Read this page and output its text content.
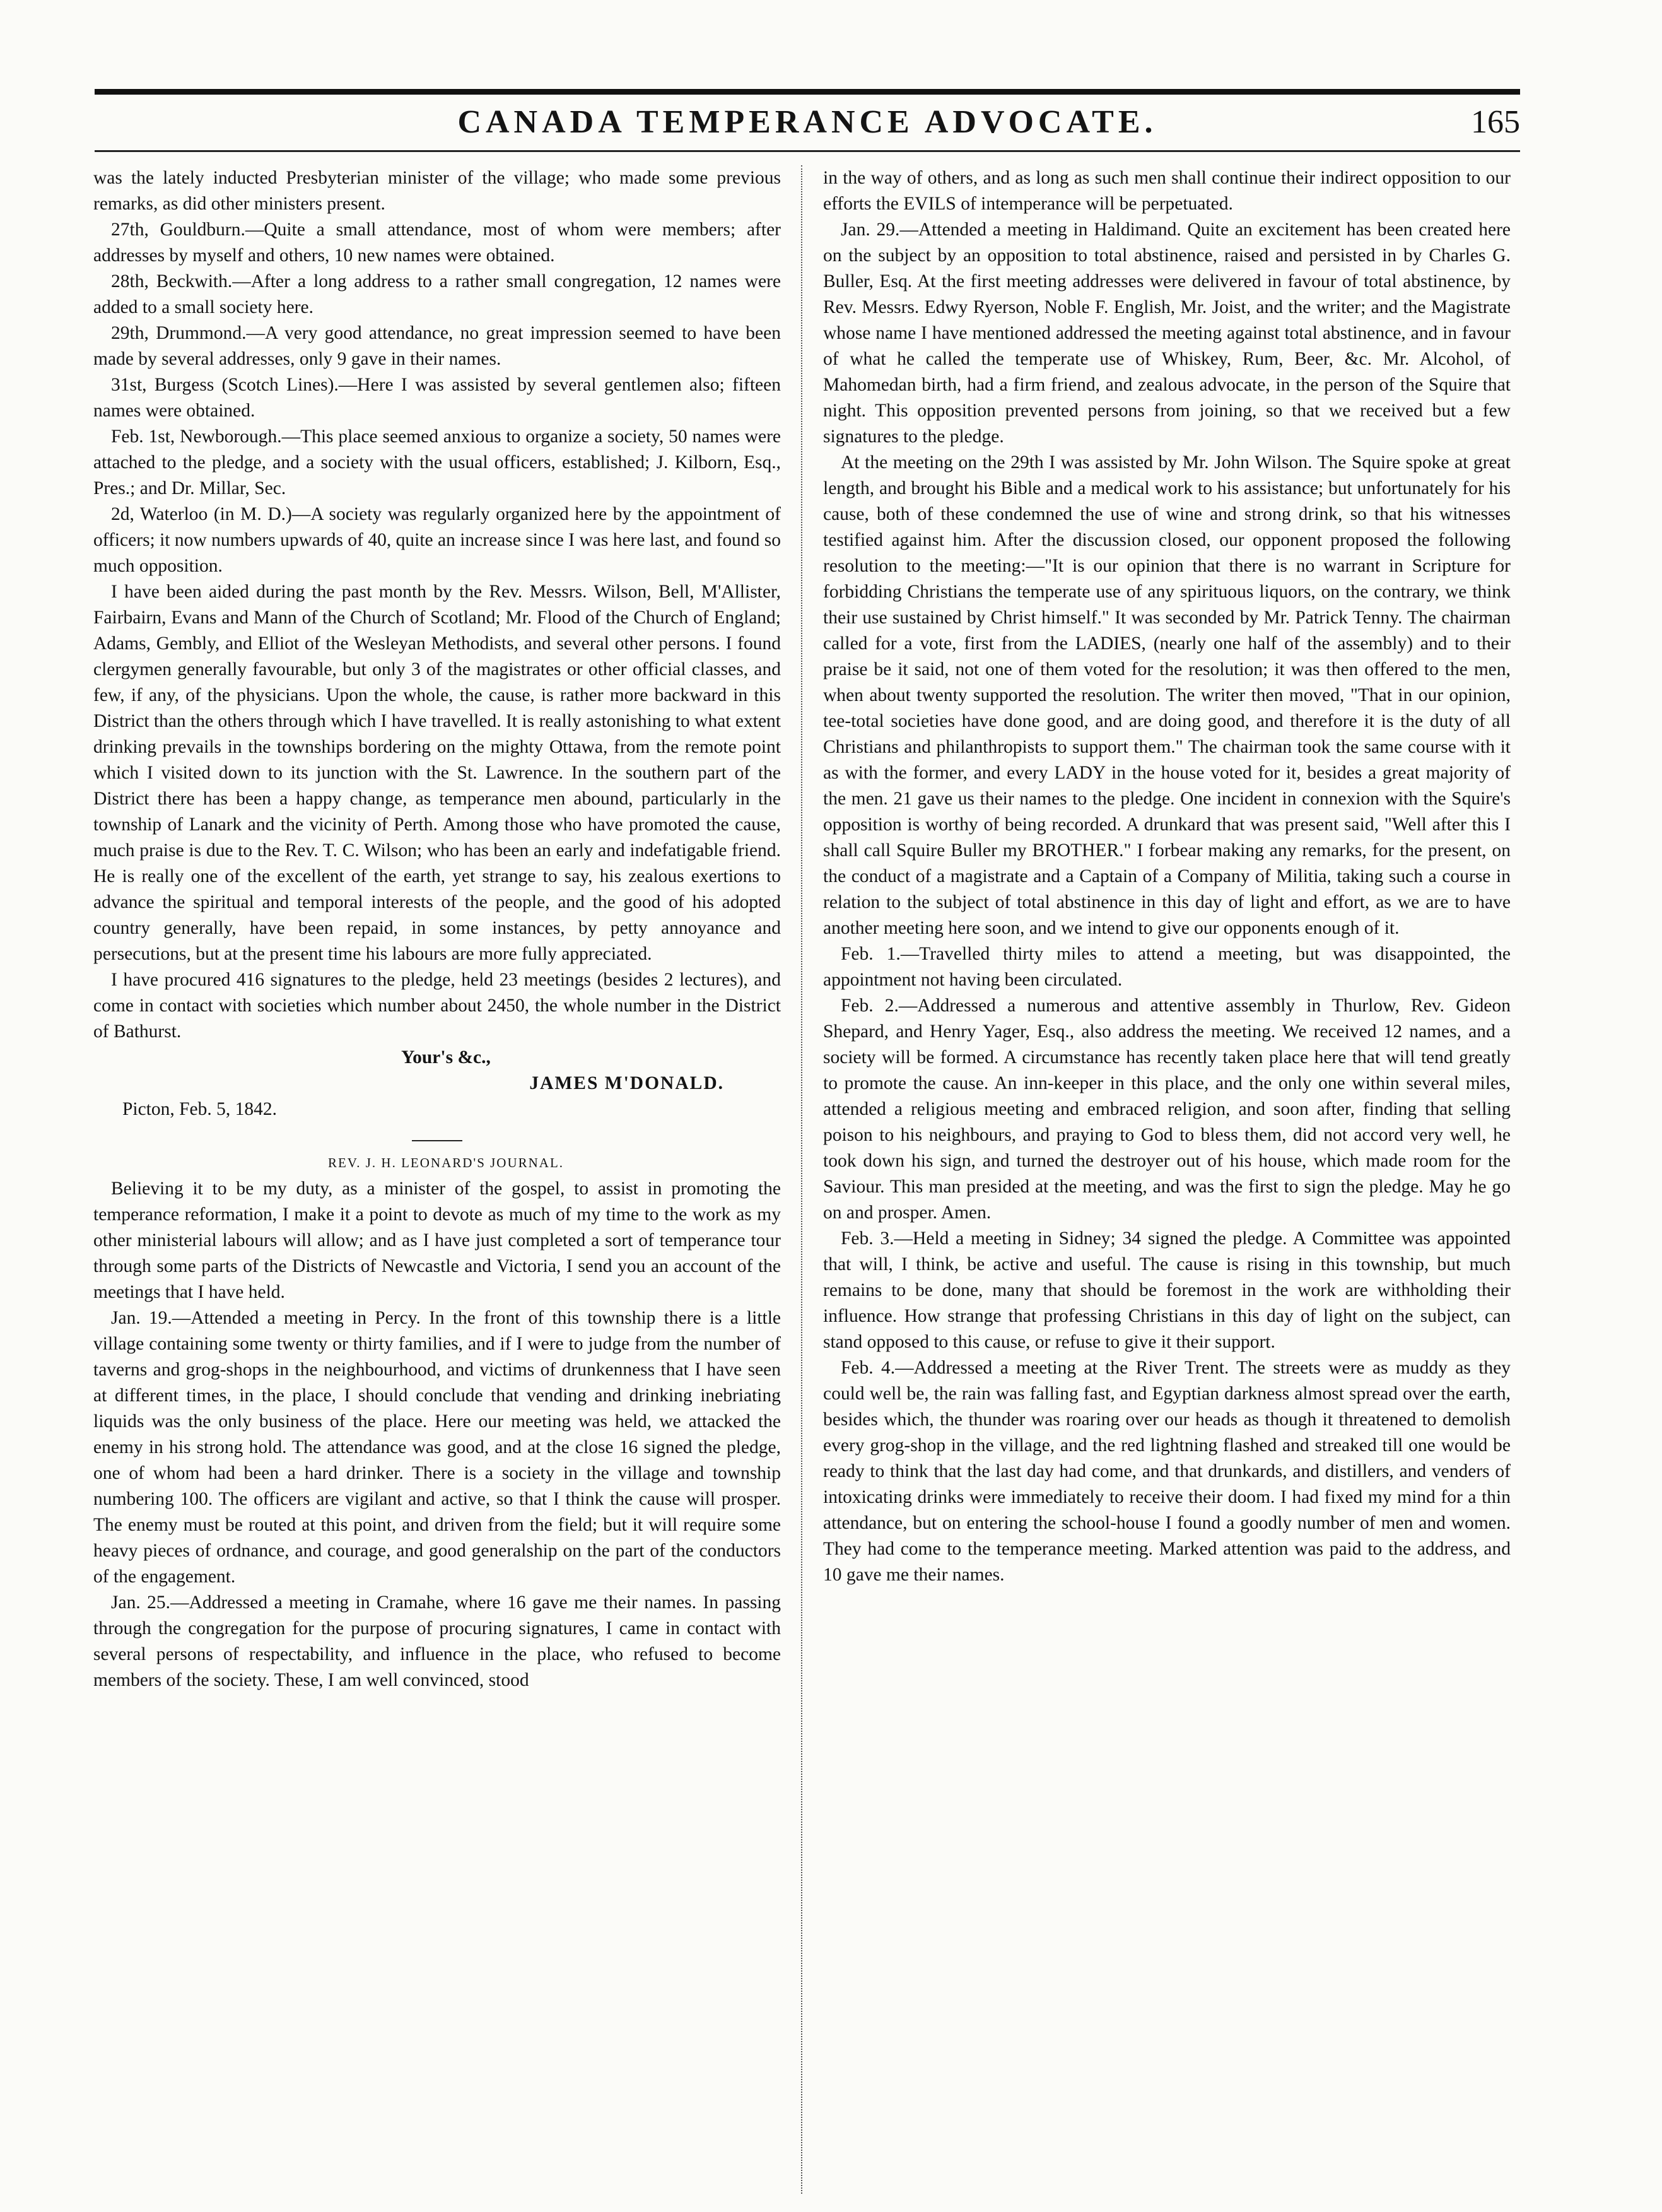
CANADA TEMPERANCE ADVOCATE.	165

was the lately inducted Presbyterian minister of the village; who made some previous remarks, as did other ministers present.

27th, Gouldburn.—Quite a small attendance, most of whom were members; after addresses by myself and others, 10 new names were obtained.

28th, Beckwith.—After a long address to a rather small congregation, 12 names were added to a small society here.

29th, Drummond.—A very good attendance, no great impression seemed to have been made by several addresses, only 9 gave in their names.

31st, Burgess (Scotch Lines).—Here I was assisted by several gentlemen also; fifteen names were obtained.

Feb. 1st, Newborough.—This place seemed anxious to organize a society, 50 names were attached to the pledge, and a society with the usual officers, established; J. Kilborn, Esq., Pres.; and Dr. Millar, Sec.

2d, Waterloo (in M. D.)—A society was regularly organized here by the appointment of officers; it now numbers upwards of 40, quite an increase since I was here last, and found so much opposition.

I have been aided during the past month by the Rev. Messrs. Wilson, Bell, M'Allister, Fairbairn, Evans and Mann of the Church of Scotland; Mr. Flood of the Church of England; Adams, Gembly, and Elliot of the Wesleyan Methodists, and several other persons. I found clergymen generally favourable, but only 3 of the magistrates or other official classes, and few, if any, of the physicians. Upon the whole, the cause, is rather more backward in this District than the others through which I have travelled. It is really astonishing to what extent drinking prevails in the townships bordering on the mighty Ottawa, from the remote point which I visited down to its junction with the St. Lawrence. In the southern part of the District there has been a happy change, as temperance men abound, particularly in the township of Lanark and the vicinity of Perth. Among those who have promoted the cause, much praise is due to the Rev. T. C. Wilson; who has been an early and indefatigable friend. He is really one of the excellent of the earth, yet strange to say, his zealous exertions to advance the spiritual and temporal interests of the people, and the good of his adopted country generally, have been repaid, in some instances, by petty annoyance and persecutions, but at the present time his labours are more fully appreciated.

I have procured 416 signatures to the pledge, held 23 meetings (besides 2 lectures), and come in contact with societies which number about 2450, the whole number in the District of Bathurst.

Your's &c.,

JAMES M'DONALD.

Picton, Feb. 5, 1842.

REV. J. H. LEONARD'S JOURNAL.

Believing it to be my duty, as a minister of the gospel, to assist in promoting the temperance reformation, I make it a point to devote as much of my time to the work as my other ministerial labours will allow; and as I have just completed a sort of temperance tour through some parts of the Districts of Newcastle and Victoria, I send you an account of the meetings that I have held.

Jan. 19.—Attended a meeting in Percy. In the front of this township there is a little village containing some twenty or thirty families, and if I were to judge from the number of taverns and grog-shops in the neighbourhood, and victims of drunkenness that I have seen at different times, in the place, I should conclude that vending and drinking inebriating liquids was the only business of the place. Here our meeting was held, we attacked the enemy in his strong hold. The attendance was good, and at the close 16 signed the pledge, one of whom had been a hard drinker. There is a society in the village and township numbering 100. The officers are vigilant and active, so that I think the cause will prosper. The enemy must be routed at this point, and driven from the field; but it will require some heavy pieces of ordnance, and courage, and good generalship on the part of the conductors of the engagement.

Jan. 25.—Addressed a meeting in Cramahe, where 16 gave me their names. In passing through the congregation for the purpose of procuring signatures, I came in contact with several persons of respectability, and influence in the place, who refused to become members of the society. These, I am well convinced, stood

in the way of others, and as long as such men shall continue their indirect opposition to our efforts the EVILS of intemperance will be perpetuated.

Jan. 29.—Attended a meeting in Haldimand. Quite an excitement has been created here on the subject by an opposition to total abstinence, raised and persisted in by Charles G. Buller, Esq. At the first meeting addresses were delivered in favour of total abstinence, by Rev. Messrs. Edwy Ryerson, Noble F. English, Mr. Joist, and the writer; and the Magistrate whose name I have mentioned addressed the meeting against total abstinence, and in favour of what he called the temperate use of Whiskey, Rum, Beer, &c. Mr. Alcohol, of Mahomedan birth, had a firm friend, and zealous advocate, in the person of the Squire that night. This opposition prevented persons from joining, so that we received but a few signatures to the pledge.

At the meeting on the 29th I was assisted by Mr. John Wilson. The Squire spoke at great length, and brought his Bible and a medical work to his assistance; but unfortunately for his cause, both of these condemned the use of wine and strong drink, so that his witnesses testified against him. After the discussion closed, our opponent proposed the following resolution to the meeting:—"It is our opinion that there is no warrant in Scripture for forbidding Christians the temperate use of any spirituous liquors, on the contrary, we think their use sustained by Christ himself." It was seconded by Mr. Patrick Tenny. The chairman called for a vote, first from the LADIES, (nearly one half of the assembly) and to their praise be it said, not one of them voted for the resolution; it was then offered to the men, when about twenty supported the resolution. The writer then moved, "That in our opinion, tee-total societies have done good, and are doing good, and therefore it is the duty of all Christians and philanthropists to support them." The chairman took the same course with it as with the former, and every LADY in the house voted for it, besides a great majority of the men. 21 gave us their names to the pledge. One incident in connexion with the Squire's opposition is worthy of being recorded. A drunkard that was present said, "Well after this I shall call Squire Buller my BROTHER." I forbear making any remarks, for the present, on the conduct of a magistrate and a Captain of a Company of Militia, taking such a course in relation to the subject of total abstinence in this day of light and effort, as we are to have another meeting here soon, and we intend to give our opponents enough of it.

Feb. 1.—Travelled thirty miles to attend a meeting, but was disappointed, the appointment not having been circulated.

Feb. 2.—Addressed a numerous and attentive assembly in Thurlow, Rev. Gideon Shepard, and Henry Yager, Esq., also address the meeting. We received 12 names, and a society will be formed. A circumstance has recently taken place here that will tend greatly to promote the cause. An inn-keeper in this place, and the only one within several miles, attended a religious meeting and embraced religion, and soon after, finding that selling poison to his neighbours, and praying to God to bless them, did not accord very well, he took down his sign, and turned the destroyer out of his house, which made room for the Saviour. This man presided at the meeting, and was the first to sign the pledge. May he go on and prosper. Amen.

Feb. 3.—Held a meeting in Sidney; 34 signed the pledge. A Committee was appointed that will, I think, be active and useful. The cause is rising in this township, but much remains to be done, many that should be foremost in the work are withholding their influence. How strange that professing Christians in this day of light on the subject, can stand opposed to this cause, or refuse to give it their support.

Feb. 4.—Addressed a meeting at the River Trent. The streets were as muddy as they could well be, the rain was falling fast, and Egyptian darkness almost spread over the earth, besides which, the thunder was roaring over our heads as though it threatened to demolish every grog-shop in the village, and the red lightning flashed and streaked till one would be ready to think that the last day had come, and that drunkards, and distillers, and venders of intoxicating drinks were immediately to receive their doom. I had fixed my mind for a thin attendance, but on entering the school-house I found a goodly number of men and women. They had come to the temperance meeting. Marked attention was paid to the address, and 10 gave me their names.
